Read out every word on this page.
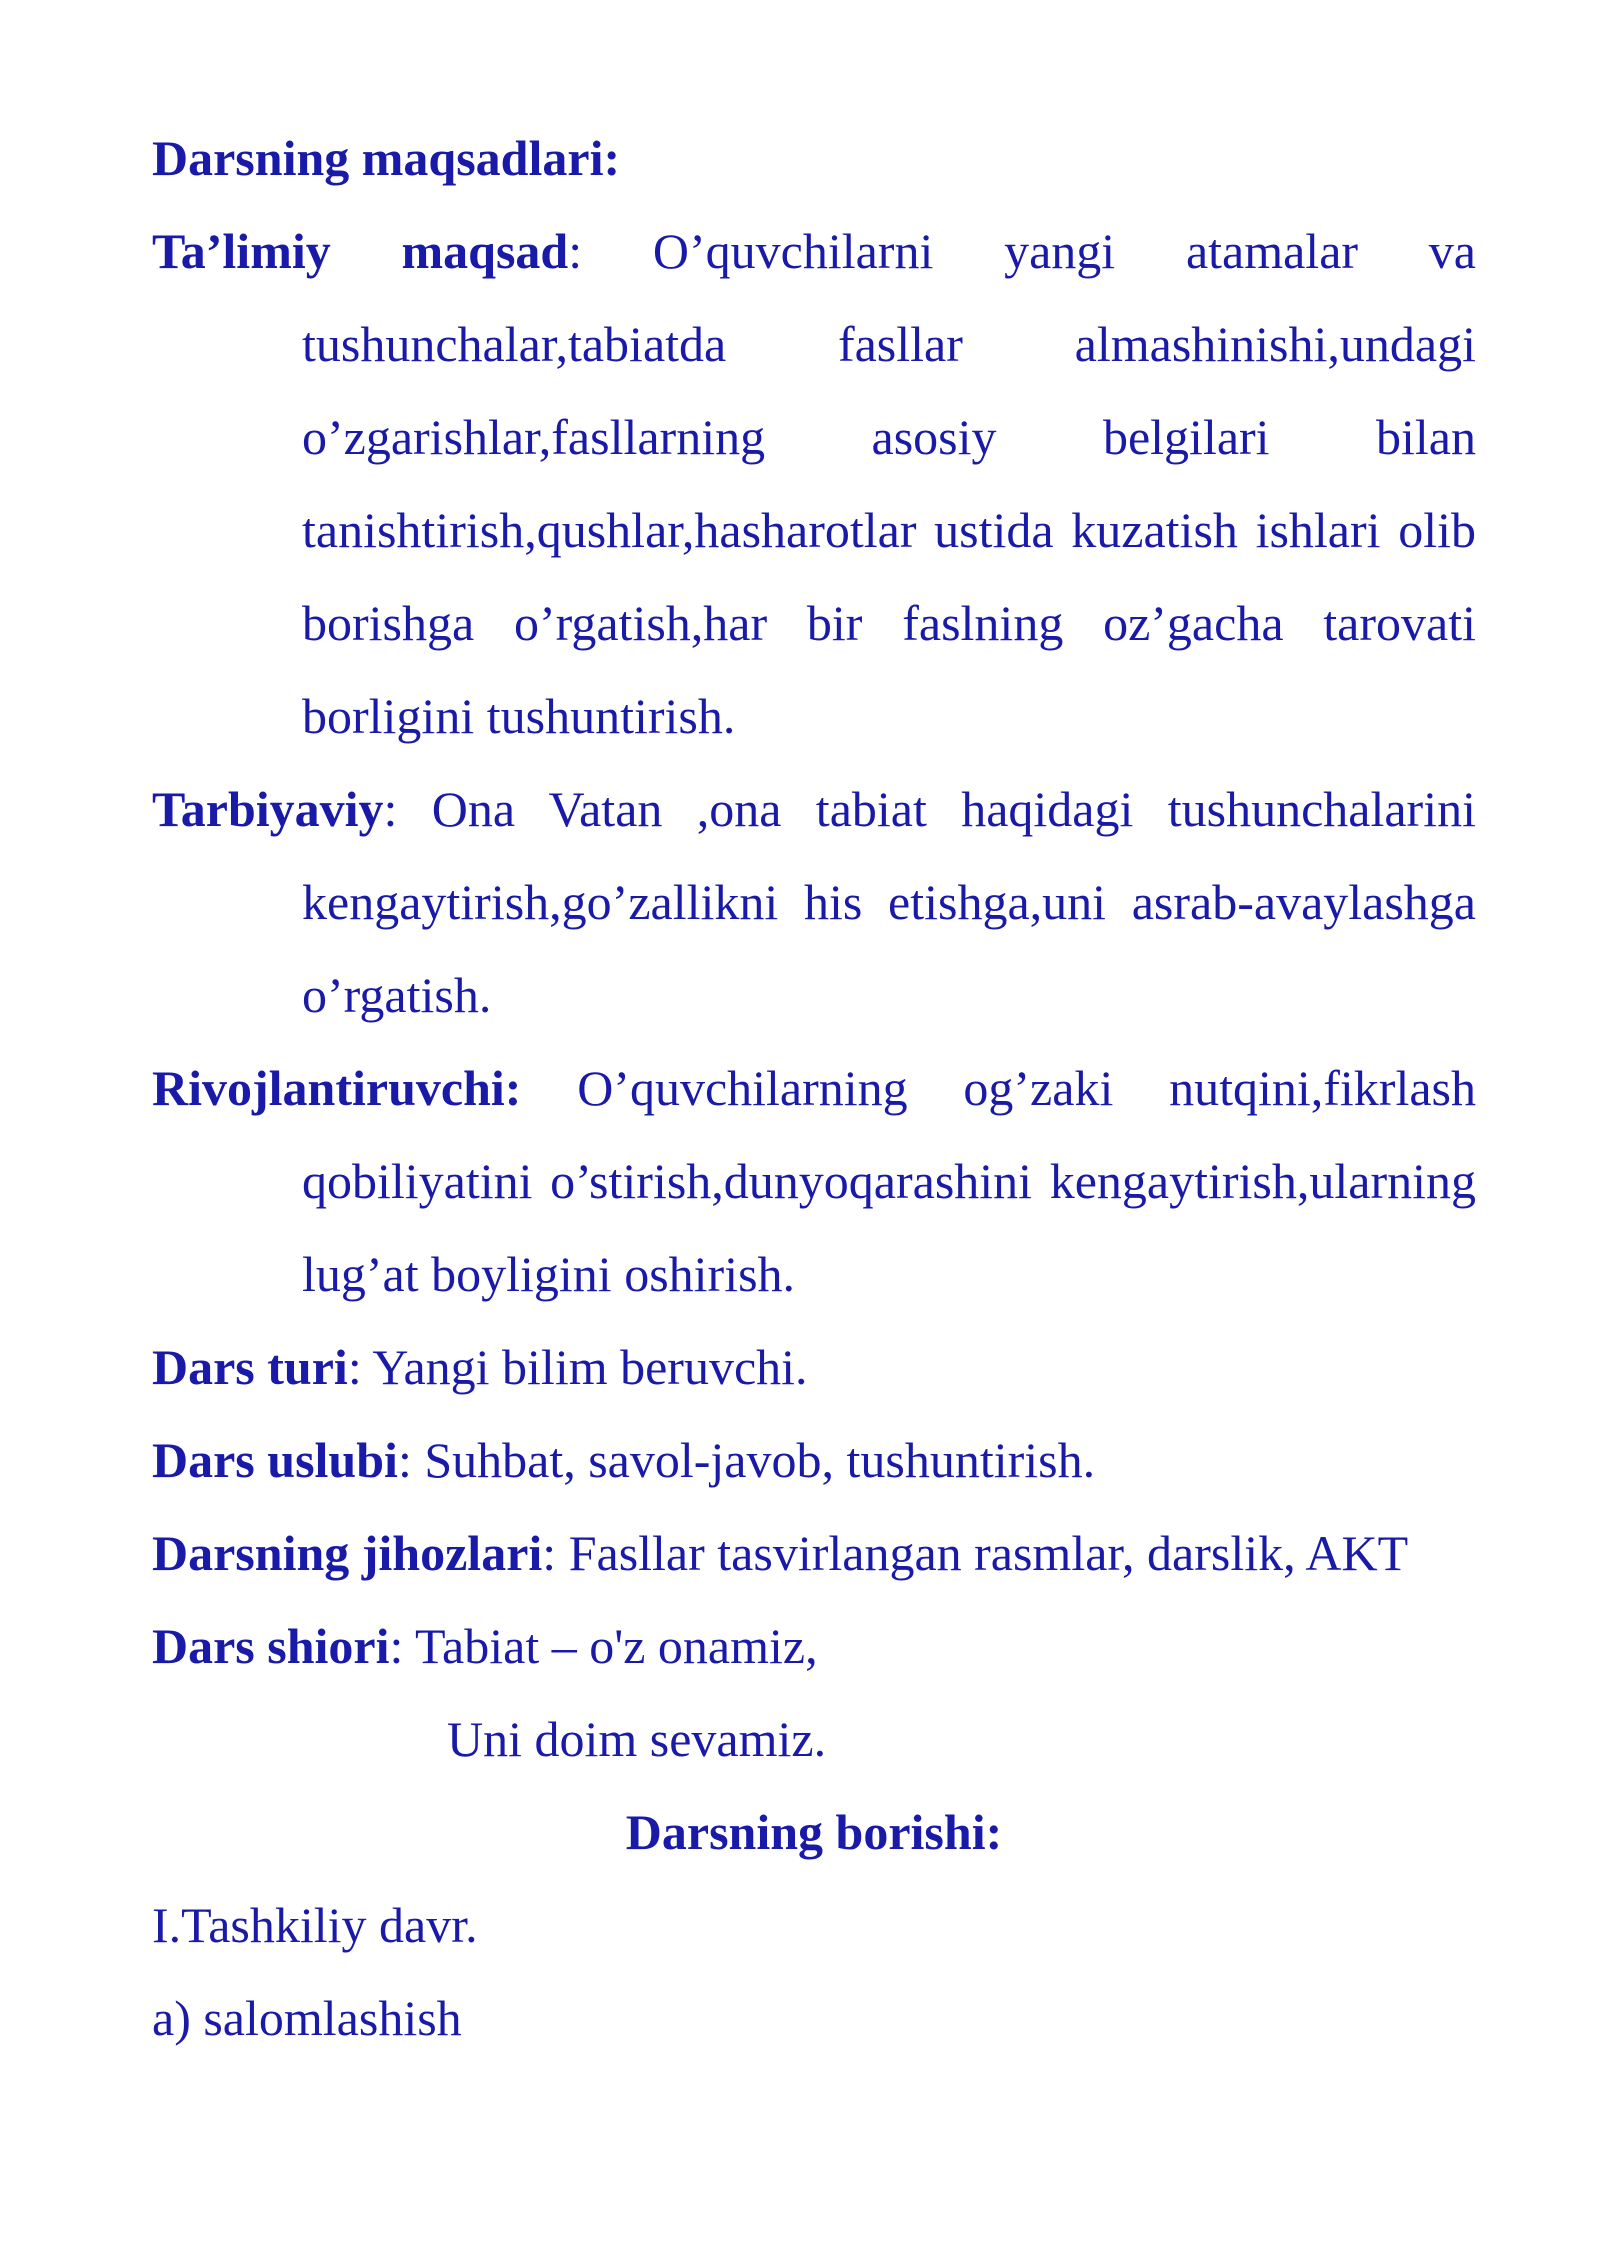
Darsning maqsadlari:
Ta’limiy maqsad: O’quvchilarni yangi atamalar va tushunchalar,tabiatda fasllar almashinishi,undagi o’zgarishlar,fasllarning asosiy belgilari bilan tanishtirish,qushlar,hasharotlar ustida kuzatish ishlari olib borishga o’rgatish,har bir faslning oz’gacha tarovati borligini tushuntirish.
Tarbiyaviy: Ona Vatan ,ona tabiat haqidagi tushunchalarini kengaytirish,go’zallikni his etishga,uni asrab-avaylashga o’rgatish.
Rivojlantiruvchi: O’quvchilarning og’zaki nutqini,fikrlash qobiliyatini o’stirish,dunyoqarashini kengaytirish,ularning lug’at boyligini oshirish.
Dars turi: Yangi bilim beruvchi.
Dars uslubi: Suhbat, savol-javob, tushuntirish.
Darsning jihozlari: Fasllar tasvirlangan rasmlar, darslik, AKT
Dars shiori: Tabiat – o'z onamiz,
Uni doim sevamiz.
Darsning borishi:
I.Tashkiliy davr.
a) salomlashish
